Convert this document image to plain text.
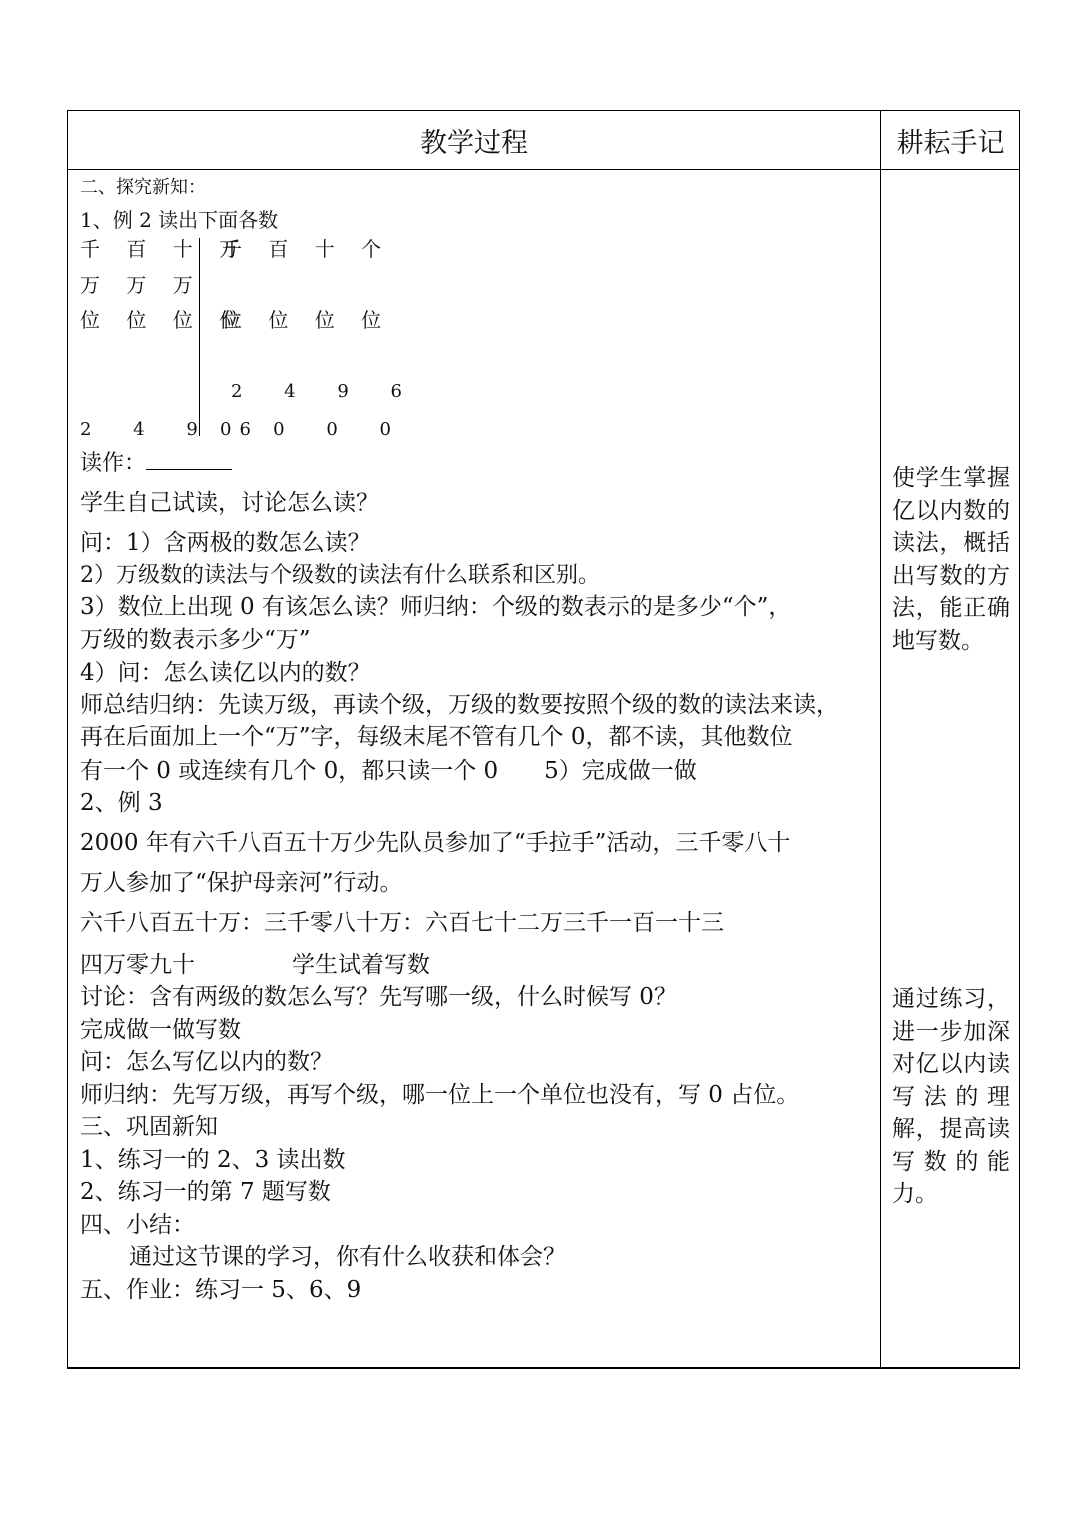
教学过程	耕耘手记
二、探究新知：
1、例 2 读出下面各数
千 百 十 万
千 百 十 个
万 万 万
位 位 位 位
位 位 位 位
2 4 9 6
2 4 9 6
0 0 0 0
读作：
学生自己试读，讨论怎么读？
问：1）含两极的数怎么读？
2）万级数的读法与个级数的读法有什么联系和区别。
3）数位上出现 0 有该怎么读？师归纳：个级的数表示的是多少“个”，
万级的数表示多少“万”
4）问：怎么读亿以内的数？
师总结归纳：先读万级，再读个级，万级的数要按照个级的数的读法来读，
再在后面加上一个“万”字，每级末尾不管有几个 0，都不读，其他数位
有一个 0 或连续有几个 0，都只读一个 0　　5）完成做一做
2、例 3
2000 年有六千八百五十万少先队员参加了“手拉手”活动，三千零八十
万人参加了“保护母亲河”行动。
六千八百五十万：三千零八十万：六百七十二万三千一百一十三
四万零九十	学生试着写数
讨论：含有两级的数怎么写？先写哪一级，什么时候写 0？
完成做一做写数
问：怎么写亿以内的数？
师归纳：先写万级，再写个级，哪一位上一个单位也没有，写 0 占位。
三、巩固新知
1、练习一的 2、3 读出数
2、练习一的第 7 题写数
四、小结：
通过这节课的学习，你有什么收获和体会？
五、作业：练习一 5、6、9
使学生掌握亿以内数的读法，概括出写数的方法，能正确地写数。
通过练习，进一步加深对亿以内读写法的理解，提高读写数的能力。
